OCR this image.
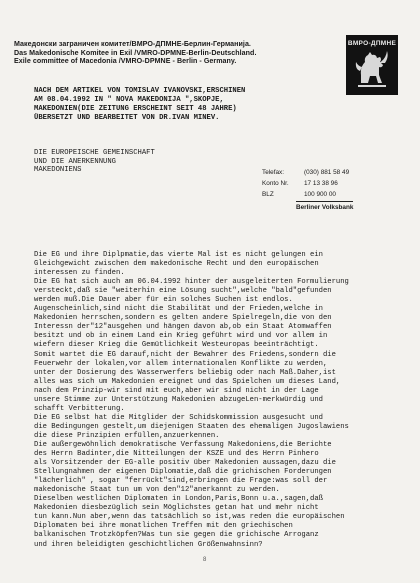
Македонски заграничен комитет/ВМРО-ДПМНЕ-Берлин-Германија.
Das Makedonische Komitee in Exil /VMRO-DPMNE-Berlin-Deutschland.
Exile committee of Macedonia /VMRO-DPMNE - Berlin - Germany.
ВМРО-ДПМНЕ
NACH DEM ARTIKEL VON TOMISLAV IVANOVSKI,ERSCHINEN
AM 08.04.1992 IN " NOVA MAKEDONIJA ",SKOPJE,
MAKEDONIEN(DIE ZEITUNG ERSCHEINT SEIT 48 JAHRE)
ÜBERSETZT UND BEARBEITET VON DR.IVAN MINEV.
DIE EUROPEISCHE GEMEINSCHAFT
UND DIE ANERKENNUNG
MAKEDONIENS	Telefax:	(030) 881 58 49
Konto Nr. 17 13 38 96
BLZ	100 900 00
Berliner Volksbank
Die EG und ihre Diplpmatie,das vierte Mal ist es nicht gelungen ein
Gleichgewicht zwischen dem makedonische Recht und den europäischen
interessen zu finden.
Die EG hat sich auch am 06.04.1992 hinter der ausgeleiterten Formulierung
versteckt,daß sie "weiterhin eine Lösung sucht",welche "bald"gefunden
werden muß.Die Dauer aber für ein solches Suchen ist endlos.
Augenscheinlich,sind nicht die Stabilität und der Frieden,welche in
Makedonien herrschen,sondern es gelten andere Spielregeln,die von den
Interessn der"12"ausgehen und hängen davon ab,ob ein Staat Atomwaffen
besitzt und ob in einem Land ein Krieg geführt wird und vor allem in
wiefern dieser Krieg die Gemütlichkeit Westeuropas beeinträchtigt.
Somit wartet die EG darauf,nicht der Bewahrer des Friedens,sondern die
Feuerwehr der lokalen,vor allem internationalen Konflikte zu werden,
unter der Dosierung des Wasserwerfers beliebig oder nach Maß.Daher,ist
alles was sich um Makedonien ereignet und das Spielchen um dieses Land,
nach dem Prinzip-wir sind mit euch,aber wir sind nicht in der Lage
unsere Stimme zur Unterstützung Makedonien abzugeLen-merkwürdig und
schafft Verbitterung.
Die EG selbst hat die Mitglider der Schidskommission ausgesucht und
die Bedingungen gestelt,um diejenigen Staaten des ehemaligen Jugoslawiens
die diese Prinzipien erfüllen,anzuerkennen.
Die außergewöhnlich demokratische Verfassung Makedoniens,die Berichte
des Herrn Badinter,die Nitteilungen der KSZE und des Herrn Pinhero
als Vorsitzender der EG-alle positiv über Makedonien aussagen,dazu die
Stellungnahmen der eigenen Diplomatie,daß die grichischen Forderungen
"lächerlich" , sogar "ferrückt"sind,erbringen die Frage:was soll der
makedonische Staat tun um von den"12"anerkannt zu werden.
Dieselben westlichen Diplomaten in London,Paris,Bonn u.a.,sagen,daß
Makedonien diesbezüglich sein Möglichstes getan hat und mehr nicht
tun kann.Nun aber,wenn das tatsächlich so ist,was reden die europäischen
Diplomaten bei ihre monatlichen Treffen mit den griechischen
balkanischen Trotzköpfen?Was tun sie gegen die grichische Arroganz
und ihren beleidigten geschichtlichen Größenwahnsinn?
8
